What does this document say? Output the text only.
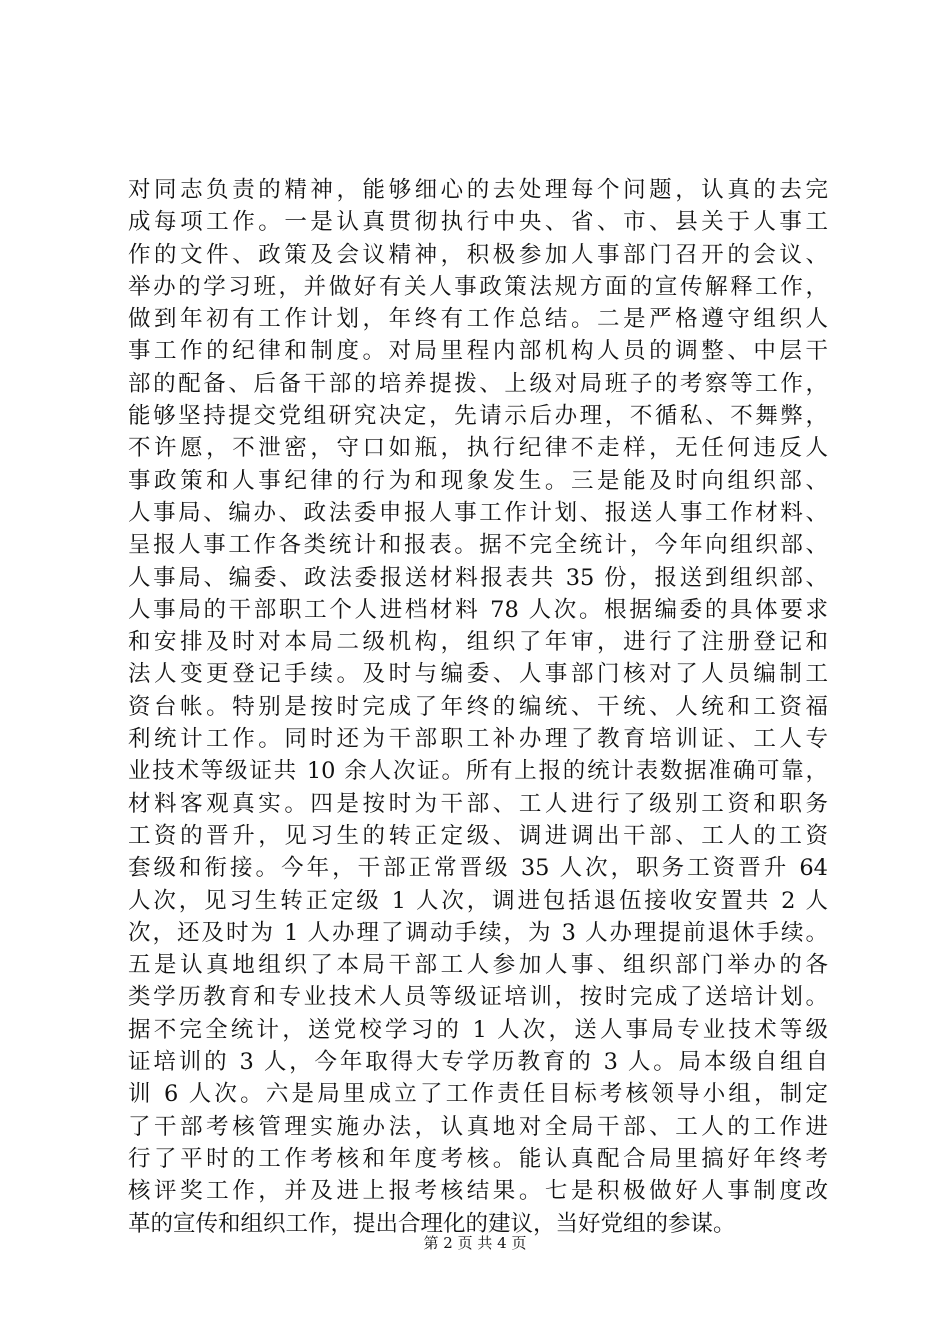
对同志负责的精神，能够细心的去处理每个问题，认真的去完
成每项工作。一是认真贯彻执行中央、省、市、县关于人事工
作的文件、政策及会议精神，积极参加人事部门召开的会议、
举办的学习班，并做好有关人事政策法规方面的宣传解释工作，
做到年初有工作计划，年终有工作总结。二是严格遵守组织人
事工作的纪律和制度。对局里程内部机构人员的调整、中层干
部的配备、后备干部的培养提拨、上级对局班子的考察等工作，
能够坚持提交党组研究决定，先请示后办理，不循私、不舞弊，
不许愿，不泄密，守口如瓶，执行纪律不走样，无任何违反人
事政策和人事纪律的行为和现象发生。三是能及时向组织部、
人事局、编办、政法委申报人事工作计划、报送人事工作材料、
呈报人事工作各类统计和报表。据不完全统计，今年向组织部、
人事局、编委、政法委报送材料报表共 35 份，报送到组织部、
人事局的干部职工个人进档材料 78 人次。根据编委的具体要求
和安排及时对本局二级机构，组织了年审，进行了注册登记和
法人变更登记手续。及时与编委、人事部门核对了人员编制工
资台帐。特别是按时完成了年终的编统、干统、人统和工资福
利统计工作。同时还为干部职工补办理了教育培训证、工人专
业技术等级证共 10 余人次证。所有上报的统计表数据准确可靠，
材料客观真实。四是按时为干部、工人进行了级别工资和职务
工资的晋升，见习生的转正定级、调进调出干部、工人的工资
套级和衔接。今年，干部正常晋级 35 人次，职务工资晋升 64
人次，见习生转正定级 1 人次，调进包括退伍接收安置共 2 人
次，还及时为 1 人办理了调动手续，为 3 人办理提前退休手续。
五是认真地组织了本局干部工人参加人事、组织部门举办的各
类学历教育和专业技术人员等级证培训，按时完成了送培计划。
据不完全统计，送党校学习的 1 人次，送人事局专业技术等级
证培训的 3 人，今年取得大专学历教育的 3 人。局本级自组自
训 6 人次。六是局里成立了工作责任目标考核领导小组，制定
了干部考核管理实施办法，认真地对全局干部、工人的工作进
行了平时的工作考核和年度考核。能认真配合局里搞好年终考
核评奖工作，并及进上报考核结果。七是积极做好人事制度改
革的宣传和组织工作，提出合理化的建议，当好党组的参谋。
第 2 页 共 4 页
